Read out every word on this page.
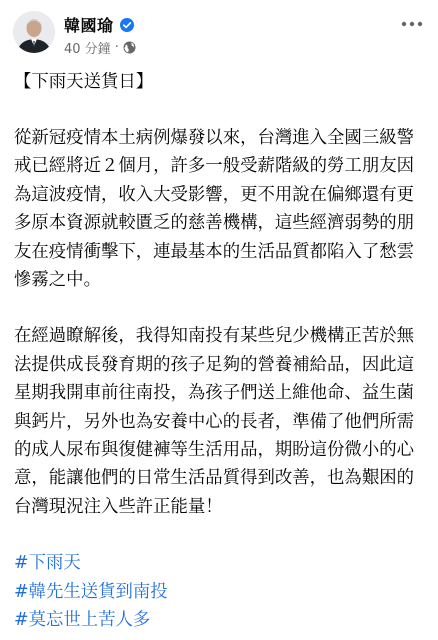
韓國瑜
40 分鐘 ·

【下雨天送貨日】

從新冠疫情本土病例爆發以來，台灣進入全國三級警戒已經將近２個月，許多一般受薪階級的勞工朋友因為這波疫情，收入大受影響，更不用說在偏鄉還有更多原本資源就較匱乏的慈善機構，這些經濟弱勢的朋友在疫情衝擊下，連最基本的生活品質都陷入了愁雲慘霧之中。

在經過瞭解後，我得知南投有某些兒少機構正苦於無法提供成長發育期的孩子足夠的營養補給品，因此這星期我開車前往南投，為孩子們送上維他命、益生菌與鈣片，另外也為安養中心的長者，準備了他們所需的成人尿布與復健褲等生活用品，期盼這份微小的心意，能讓他們的日常生活品質得到改善，也為艱困的台灣現況注入些許正能量！

#下雨天
#韓先生送貨到南投
#莫忘世上苦人多
